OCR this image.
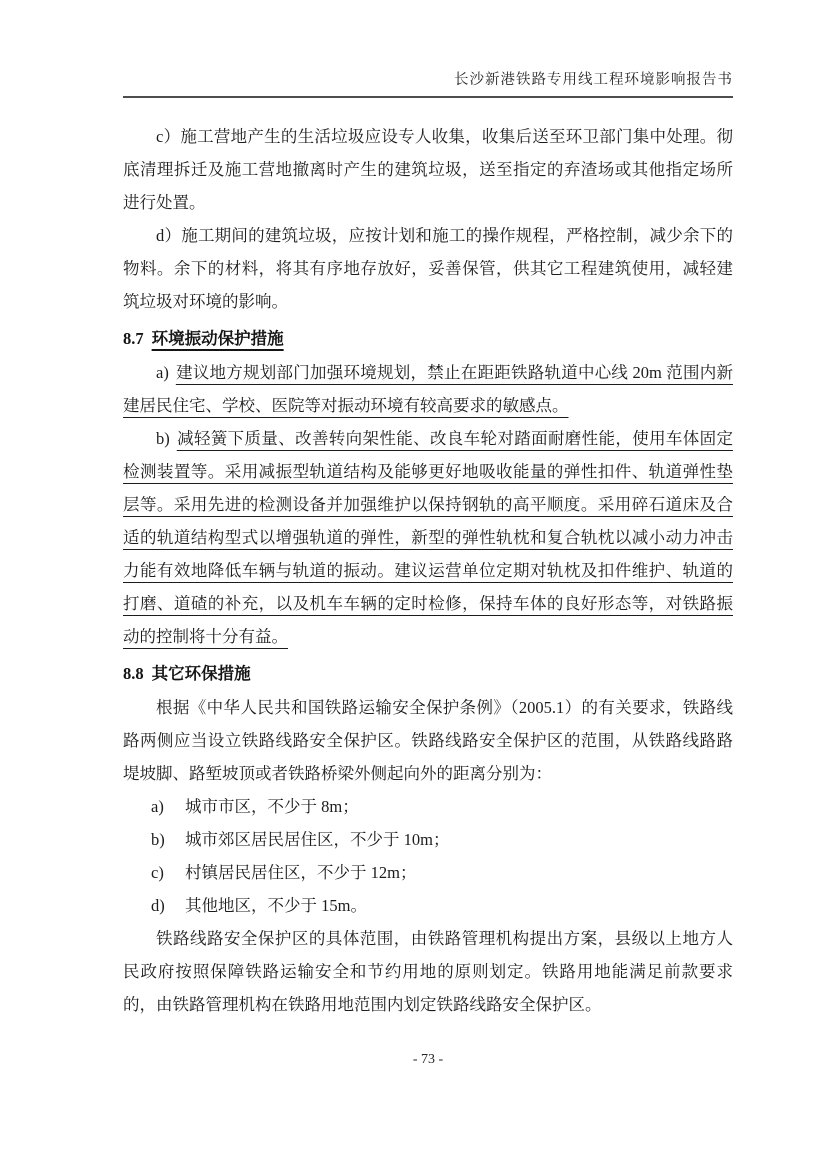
长沙新港铁路专用线工程环境影响报告书

c）施工营地产生的生活垃圾应设专人收集，收集后送至环卫部门集中处理。彻底清理拆迁及施工营地撤离时产生的建筑垃圾，送至指定的弃渣场或其他指定场所进行处置。

d）施工期间的建筑垃圾，应按计划和施工的操作规程，严格控制，减少余下的物料。余下的材料，将其有序地存放好，妥善保管，供其它工程建筑使用，减轻建筑垃圾对环境的影响。

8.7 环境振动保护措施

a) 建议地方规划部门加强环境规划，禁止在距距铁路轨道中心线 20m 范围内新建居民住宅、学校、医院等对振动环境有较高要求的敏感点。

b) 减轻簧下质量、改善转向架性能、改良车轮对踏面耐磨性能，使用车体固定检测装置等。采用减振型轨道结构及能够更好地吸收能量的弹性扣件、轨道弹性垫层等。采用先进的检测设备并加强维护以保持钢轨的高平顺度。采用碎石道床及合适的轨道结构型式以增强轨道的弹性，新型的弹性轨枕和复合轨枕以减小动力冲击力能有效地降低车辆与轨道的振动。建议运营单位定期对轨枕及扣件维护、轨道的打磨、道碴的补充，以及机车车辆的定时检修，保持车体的良好形态等，对铁路振动的控制将十分有益。

8.8 其它环保措施

根据《中华人民共和国铁路运输安全保护条例》（2005.1）的有关要求，铁路线路两侧应当设立铁路线路安全保护区。铁路线路安全保护区的范围，从铁路线路路堤坡脚、路堑坡顶或者铁路桥梁外侧起向外的距离分别为：

a) 城市市区，不少于 8m；

b) 城市郊区居民居住区，不少于 10m；

c) 村镇居民居住区，不少于 12m；

d) 其他地区，不少于 15m。

铁路线路安全保护区的具体范围，由铁路管理机构提出方案，县级以上地方人民政府按照保障铁路运输安全和节约用地的原则划定。铁路用地能满足前款要求的，由铁路管理机构在铁路用地范围内划定铁路线路安全保护区。

- 73 -
